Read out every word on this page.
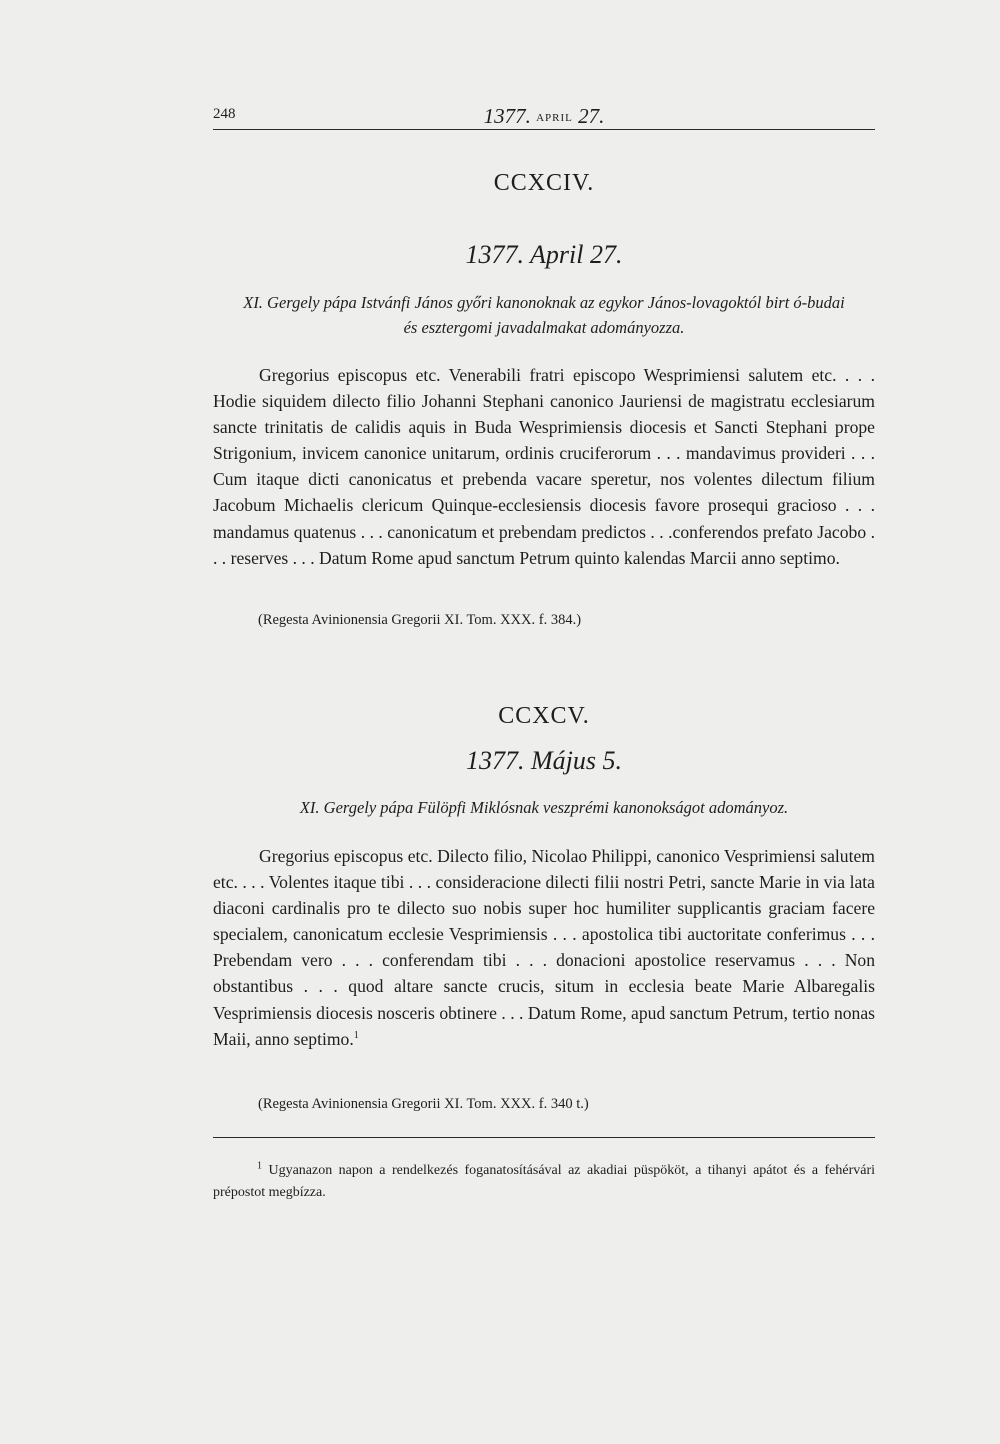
248	1377. APRIL 27.
CCXCIV.
1377. April 27.
XI. Gergely pápa Istvánfi János győri kanonoknak az egykor János-lovagoktól birt ó-budai
és esztergomi javadalmakat adományozza.

Gregorius episcopus etc. Venerabili fratri episcopo Wesprimiensi salutem etc. . . . Hodie siquidem dilecto filio Johanni Stephani canonico Jauriensi de magistratu ecclesiarum sancte trinitatis de calidis aquis in Buda Wesprimiensis diocesis et Sancti Stephani prope Strigonium, invicem canonice unitarum, ordinis cruciferorum . . . mandavimus provideri . . . Cum itaque dicti canonicatus et prebenda vacare speretur, nos volentes dilectum filium Jacobum Michaelis clericum Quinque-ecclesiensis diocesis favore prosequi gracioso . . . mandamus quatenus . . . canonicatum et prebendam predictos . . .conferendos prefato Jacobo . . . reserves . . . Datum Rome apud sanctum Petrum quinto kalendas Marcii anno septimo.

(Regesta Avinionensia Gregorii XI. Tom. XXX. f. 384.)
CCXCV.
1377. Május 5.
XI. Gergely pápa Fülöpfi Miklósnak veszprémi kanonokságot adományoz.

Gregorius episcopus etc. Dilecto filio, Nicolao Philippi, canonico Vesprimiensi salutem etc. . . . Volentes itaque tibi . . . consideracione dilecti filii nostri Petri, sancte Marie in via lata diaconi cardinalis pro te dilecto suo nobis super hoc humiliter supplicantis graciam facere specialem, canonicatum ecclesie Vesprimiensis . . . apostolica tibi auctoritate conferimus . . . Prebendam vero . . . conferendam tibi . . . donacioni apostolice reservamus . . . Non obstantibus . . . quod altare sancte crucis, situm in ecclesia beate Marie Albaregalis Vesprimiensis diocesis nosceris obtinere . . . Datum Rome, apud sanctum Petrum, tertio nonas Maii, anno septimo.$^1$

(Regesta Avinionensia Gregorii XI. Tom. XXX. f. 340 t.)

$^1$ Ugyanazon napon a rendelkezés foganatosításával az akadiai püspököt, a tihanyi apátot és a fehérvári prépostot megbízza.
